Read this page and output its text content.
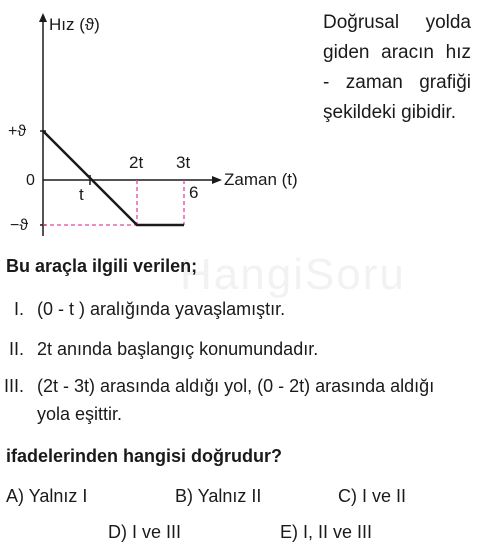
HangiSoru
Hız (ϑ)
Zaman (t)
+ϑ
0
−ϑ
t
2t 3t
6
Doğrusal yolda
giden aracın hız
- zaman grafiği
şekildeki gibidir.
Bu araçla ilgili verilen;
I. (0 - t ) aralığında yavaşlamıştır.
II. 2t anında başlangıç konumundadır.
III. (2t - 3t) arasında aldığı yol, (0 - 2t) arasında aldığı
yola eşittir.
ifadelerinden hangisi doğrudur?
A) Yalnız I	B) Yalnız II	C) I ve II
D) I ve III	E) I, II ve III
